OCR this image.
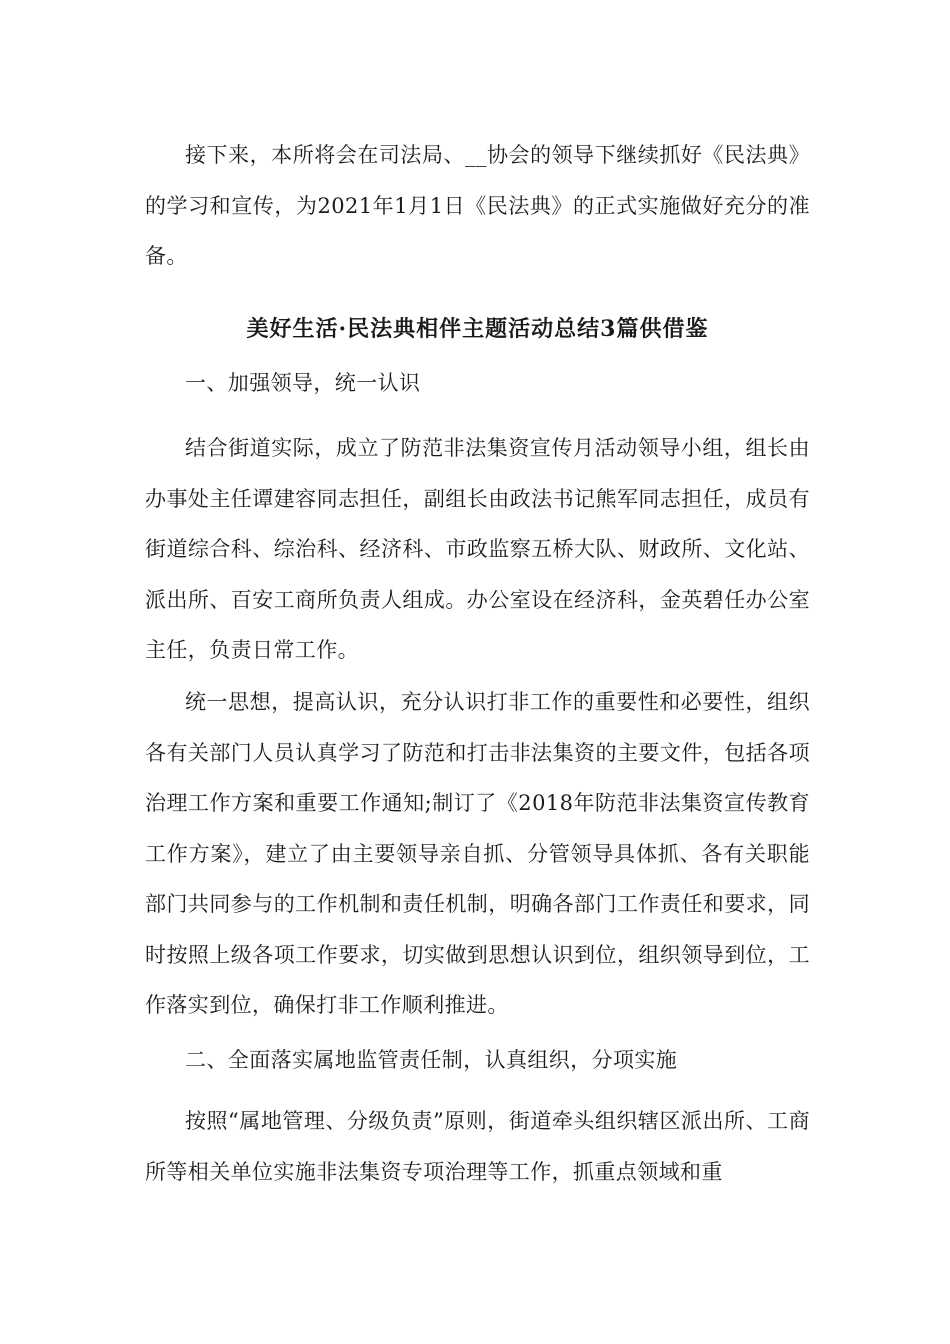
接下来，本所将会在司法局、__协会的领导下继续抓好《民法典》的学习和宣传，为2021年1月1日《民法典》的正式实施做好充分的准备。

美好生活·民法典相伴主题活动总结3篇供借鉴

一、加强领导，统一认识

结合街道实际，成立了防范非法集资宣传月活动领导小组，组长由办事处主任谭建容同志担任，副组长由政法书记熊军同志担任，成员有街道综合科、综治科、经济科、市政监察五桥大队、财政所、文化站、派出所、百安工商所负责人组成。办公室设在经济科，金英碧任办公室主任，负责日常工作。

统一思想，提高认识，充分认识打非工作的重要性和必要性，组织各有关部门人员认真学习了防范和打击非法集资的主要文件，包括各项治理工作方案和重要工作通知;制订了《2018年防范非法集资宣传教育工作方案》，建立了由主要领导亲自抓、分管领导具体抓、各有关职能部门共同参与的工作机制和责任机制，明确各部门工作责任和要求，同时按照上级各项工作要求，切实做到思想认识到位，组织领导到位，工作落实到位，确保打非工作顺利推进。

二、全面落实属地监管责任制，认真组织，分项实施

按照“属地管理、分级负责”原则，街道牵头组织辖区派出所、工商所等相关单位实施非法集资专项治理等工作，抓重点领域和重
